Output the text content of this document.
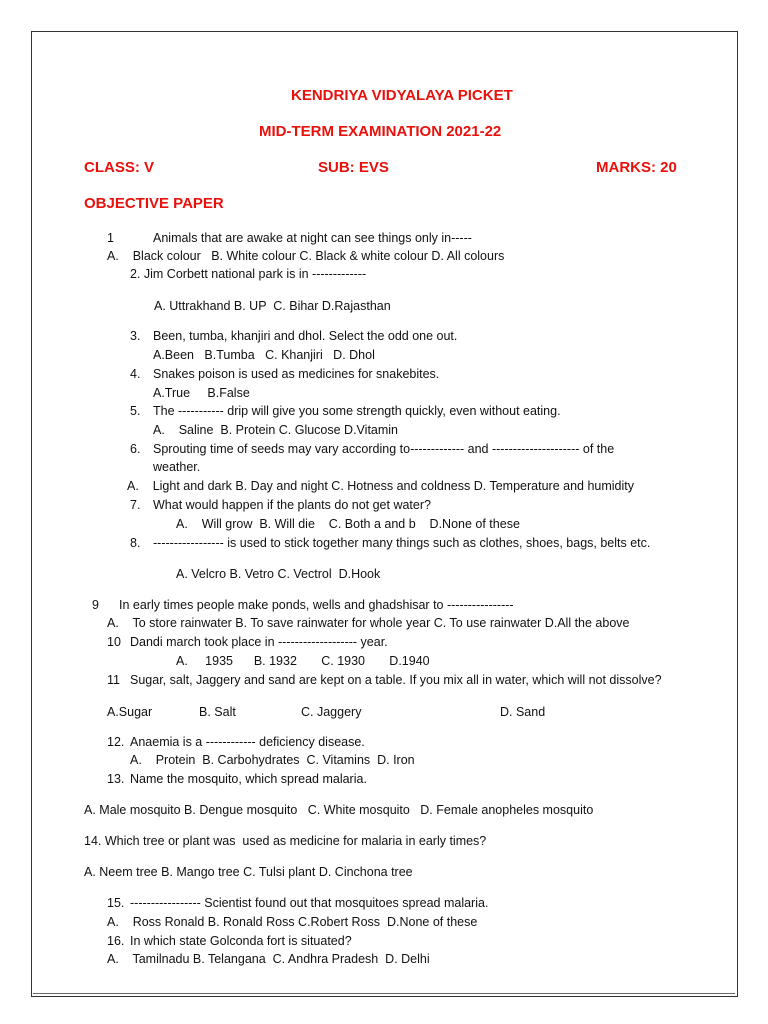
KENDRIYA VIDYALAYA PICKET
MID-TERM EXAMINATION 2021-22
CLASS: V	SUB: EVS	MARKS: 20
OBJECTIVE PAPER
1	Animals that are awake at night can see things only in-----
A.    Black colour   B. White colour C. Black & white colour D. All colours
2. Jim Corbett national park is in -------------
A. Uttrakhand B. UP  C. Bihar D.Rajasthan
3. Been, tumba, khanjiri and dhol. Select the odd one out.
A.Been   B.Tumba   C. Khanjiri   D. Dhol
4. Snakes poison is used as medicines for snakebites.
A.True     B.False
5. The ----------- drip will give you some strength quickly, even without eating.
A.    Saline  B. Protein C. Glucose D.Vitamin
6. Sprouting time of seeds may vary according to------------- and --------------------- of the
weather.
A.    Light and dark B. Day and night C. Hotness and coldness D. Temperature and humidity
7. What would happen if the plants do not get water?
A.    Will grow  B. Will die    C. Both a and b    D.None of these
8. ----------------- is used to stick together many things such as clothes, shoes, bags, belts etc.
A. Velcro B. Vetro C. Vectrol  D.Hook
9 In early times people make ponds, wells and ghadshisar to ----------------
A.    To store rainwater B. To save rainwater for whole year C. To use rainwater D.All the above
10 Dandi march took place in ------------------- year.
A.     1935      B. 1932       C. 1930       D.1940
11 Sugar, salt, Jaggery and sand are kept on a table. If you mix all in water, which will not dissolve?
A.Sugar	B. Salt	C. Jaggery	D. Sand
12. Anaemia is a ------------ deficiency disease.
A.    Protein  B. Carbohydrates  C. Vitamins  D. Iron
13. Name the mosquito, which spread malaria.
A. Male mosquito B. Dengue mosquito   C. White mosquito   D. Female anopheles mosquito
14. Which tree or plant was  used as medicine for malaria in early times?
A. Neem tree B. Mango tree C. Tulsi plant D. Cinchona tree
15. ----------------- Scientist found out that mosquitoes spread malaria.
A.    Ross Ronald B. Ronald Ross C.Robert Ross  D.None of these
16. In which state Golconda fort is situated?
A.    Tamilnadu B. Telangana  C. Andhra Pradesh  D. Delhi
